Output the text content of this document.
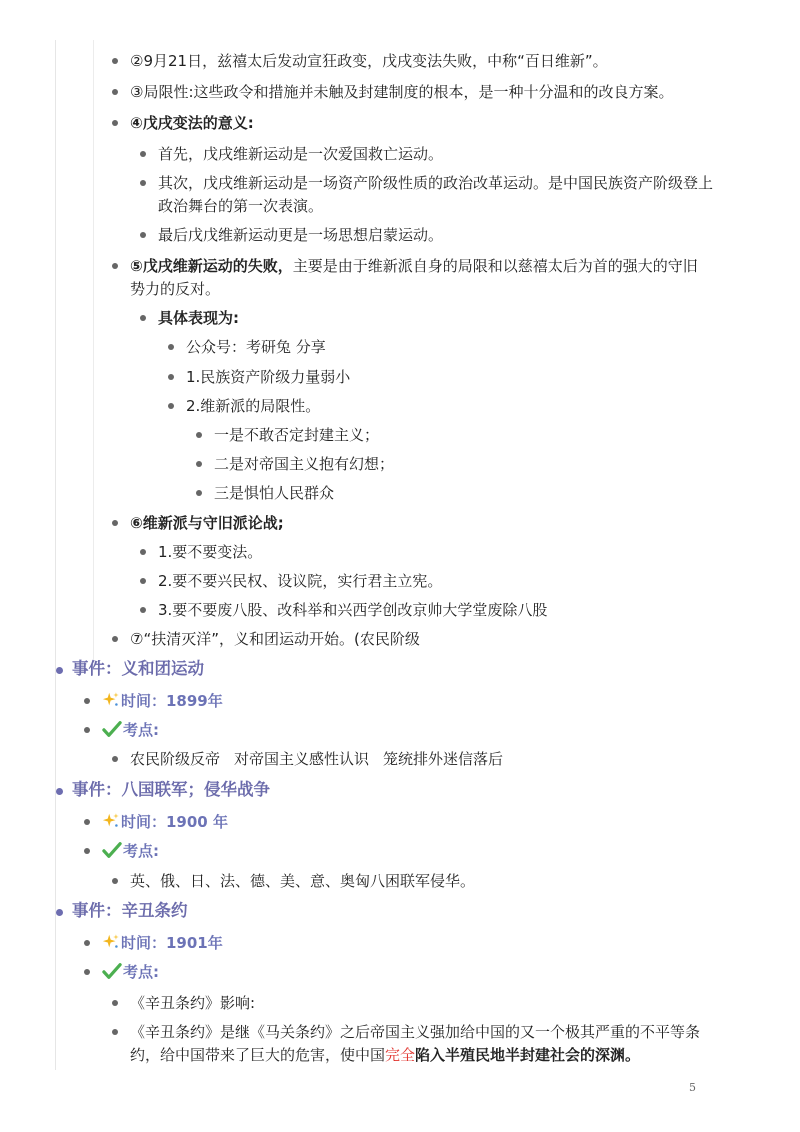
②9月21日，兹禧太后发动宣狂政变，戊戌变法失败，中称“百日维新”。
③局限性:这些政令和措施并未触及封建制度的根本，是一种十分温和的改良方案。
④戊戌变法的意义:
首先，戊戌维新运动是一次爱国救亡运动。
其次，戊戌维新运动是一场资产阶级性质的政治改革运动。是中国民族资产阶级登上
政治舞台的第一次表演。
最后戊戊维新运动更是一场思想启蒙运动。
⑤戊戌维新运动的失败，主要是由于维新派自身的局限和以慈禧太后为首的强大的守旧
势力的反对。
具体表现为:
公众号：考研兔 分享
1.民族资产阶级力量弱小
2.维新派的局限性。
一是不敢否定封建主义；
二是对帝国主义抱有幻想；
三是惧怕人民群众
⑥维新派与守旧派论战;
1.要不要变法。
2.要不要兴民权、设议院，实行君主立宪。
3.要不要废八股、改科举和兴西学创改京帅大学堂废除八股
⑦“扶清灭洋”，义和团运动开始。(农民阶级
事件：义和团运动
时间：1899年
考点:
农民阶级反帝 对帝国主义感性认识 笼统排外迷信落后
事件：八国联军；侵华战争
时间：1900 年
考点:
英、俄、日、法、德、美、意、奥匈八困联军侵华。
事件：辛丑条约
时间：1901年
考点:
《辛丑条约》影响:
《辛丑条约》是继《马关条约》之后帝国主义强加给中国的又一个极其严重的不平等条
约，给中国带来了巨大的危害，使中国完全陷入半殖民地半封建社会的深渊。
5
